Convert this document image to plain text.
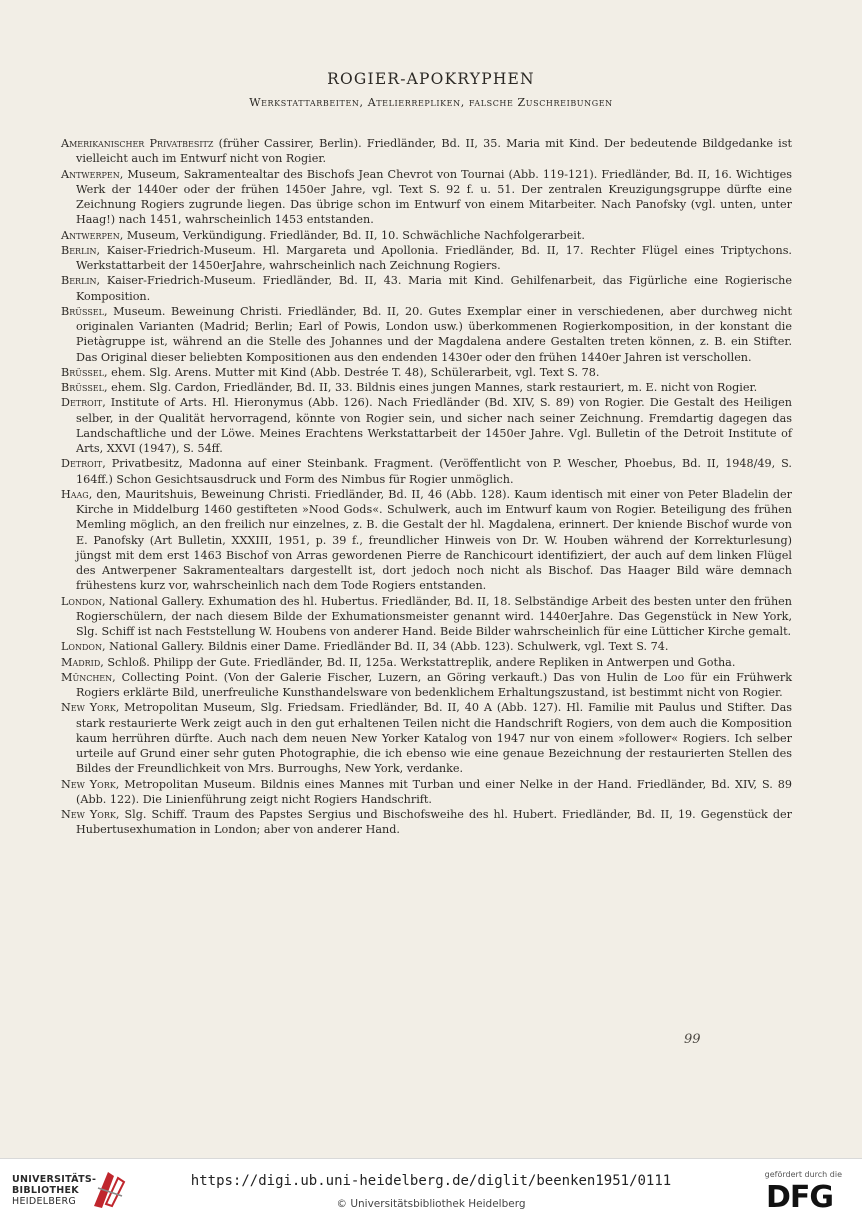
ROGIER-APOKRYPHEN
Werkstattarbeiten, Atelierrepliken, falsche Zuschreibungen

Amerikanischer Privatbesitz (früher Cassirer, Berlin). Friedländer, Bd. II, 35. Maria mit Kind. Der bedeutende Bildgedanke ist vielleicht auch im Entwurf nicht von Rogier.

Antwerpen, Museum, Sakramentealtar des Bischofs Jean Chevrot von Tournai (Abb. 119-121). Friedländer, Bd. II, 16. Wichtiges Werk der 1440er oder der frühen 1450er Jahre, vgl. Text S. 92 f. u. 51. Der zentralen Kreuzigungsgruppe dürfte eine Zeichnung Rogiers zugrunde liegen. Das übrige schon im Entwurf von einem Mitarbeiter. Nach Panofsky (vgl. unten, unter Haag!) nach 1451, wahrscheinlich 1453 entstanden.

Antwerpen, Museum, Verkündigung. Friedländer, Bd. II, 10. Schwächliche Nachfolgerarbeit.

Berlin, Kaiser-Friedrich-Museum. Hl. Margareta und Apollonia. Friedländer, Bd. II, 17. Rechter Flügel eines Triptychons. Werkstattarbeit der 1450erJahre, wahrscheinlich nach Zeichnung Rogiers.

Berlin, Kaiser-Friedrich-Museum. Friedländer, Bd. II, 43. Maria mit Kind. Gehilfenarbeit, das Figürliche eine Rogierische Komposition.

Brüssel, Museum. Beweinung Christi. Friedländer, Bd. II, 20. Gutes Exemplar einer in verschiedenen, aber durchweg nicht originalen Varianten (Madrid; Berlin; Earl of Powis, London usw.) überkommenen Rogierkomposition, in der konstant die Pietàgruppe ist, während an die Stelle des Johannes und der Magdalena andere Gestalten treten können, z. B. ein Stifter. Das Original dieser beliebten Kompositionen aus den endenden 1430er oder den frühen 1440er Jahren ist verschollen.

Brüssel, ehem. Slg. Arens. Mutter mit Kind (Abb. Destrée T. 48), Schülerarbeit, vgl. Text S. 78.

Brüssel, ehem. Slg. Cardon, Friedländer, Bd. II, 33. Bildnis eines jungen Mannes, stark restauriert, m. E. nicht von Rogier.

Detroit, Institute of Arts. Hl. Hieronymus (Abb. 126). Nach Friedländer (Bd. XIV, S. 89) von Rogier. Die Gestalt des Heiligen selber, in der Qualität hervorragend, könnte von Rogier sein, und sicher nach seiner Zeichnung. Fremdartig dagegen das Landschaftliche und der Löwe. Meines Erachtens Werkstattarbeit der 1450er Jahre. Vgl. Bulletin of the Detroit Institute of Arts, XXVI (1947), S. 54ff.

Detroit, Privatbesitz, Madonna auf einer Steinbank. Fragment. (Veröffentlicht von P. Wescher, Phoebus, Bd. II, 1948/49, S. 164ff.) Schon Gesichtsausdruck und Form des Nimbus für Rogier unmöglich.

Haag, den, Mauritshuis, Beweinung Christi. Friedländer, Bd. II, 46 (Abb. 128). Kaum identisch mit einer von Peter Bladelin der Kirche in Middelburg 1460 gestifteten »Nood Gods«. Schulwerk, auch im Entwurf kaum von Rogier. Beteiligung des frühen Memling möglich, an den freilich nur einzelnes, z. B. die Gestalt der hl. Magdalena, erinnert. Der kniende Bischof wurde von E. Panofsky (Art Bulletin, XXXIII, 1951, p. 39 f., freundlicher Hinweis von Dr. W. Houben während der Korrekturlesung) jüngst mit dem erst 1463 Bischof von Arras gewordenen Pierre de Ranchicourt identifiziert, der auch auf dem linken Flügel des Antwerpener Sakramentealtars dargestellt ist, dort jedoch noch nicht als Bischof. Das Haager Bild wäre demnach frühestens kurz vor, wahrscheinlich nach dem Tode Rogiers entstanden.

London, National Gallery. Exhumation des hl. Hubertus. Friedländer, Bd. II, 18. Selbständige Arbeit des besten unter den frühen Rogierschülern, der nach diesem Bilde der Exhumationsmeister genannt wird. 1440erJahre. Das Gegenstück in New York, Slg. Schiff ist nach Feststellung W. Houbens von anderer Hand. Beide Bilder wahrscheinlich für eine Lütticher Kirche gemalt.

London, National Gallery. Bildnis einer Dame. Friedländer Bd. II, 34 (Abb. 123). Schulwerk, vgl. Text S. 74.

Madrid, Schloß. Philipp der Gute. Friedländer, Bd. II, 125a. Werkstattreplik, andere Repliken in Antwerpen und Gotha.

München, Collecting Point. (Von der Galerie Fischer, Luzern, an Göring verkauft.) Das von Hulin de Loo für ein Frühwerk Rogiers erklärte Bild, unerfreuliche Kunsthandelsware von bedenklichem Erhaltungszustand, ist bestimmt nicht von Rogier.

New York, Metropolitan Museum, Slg. Friedsam. Friedländer, Bd. II, 40 A (Abb. 127). Hl. Familie mit Paulus und Stifter. Das stark restaurierte Werk zeigt auch in den gut erhaltenen Teilen nicht die Handschrift Rogiers, von dem auch die Komposition kaum herrühren dürfte. Auch nach dem neuen New Yorker Katalog von 1947 nur von einem »follower« Rogiers. Ich selber urteile auf Grund einer sehr guten Photographie, die ich ebenso wie eine genaue Bezeichnung der restaurierten Stellen des Bildes der Freundlichkeit von Mrs. Burroughs, New York, verdanke.

New York, Metropolitan Museum. Bildnis eines Mannes mit Turban und einer Nelke in der Hand. Friedländer, Bd. XIV, S. 89 (Abb. 122). Die Linienführung zeigt nicht Rogiers Handschrift.

New York, Slg. Schiff. Traum des Papstes Sergius und Bischofsweihe des hl. Hubert. Friedländer, Bd. II, 19. Gegenstück der Hubertusexhumation in London; aber von anderer Hand.

99
UNIVERSITÄTS-
BIBLIOTHEK
HEIDELBERG
https://digi.ub.uni-heidelberg.de/diglit/beenken1951/0111
© Universitätsbibliothek Heidelberg
gefördert durch die
DFG
